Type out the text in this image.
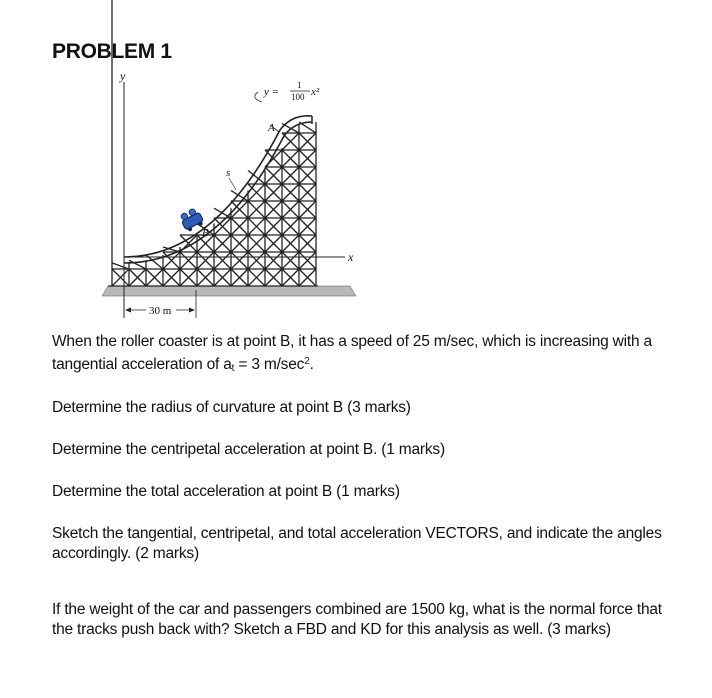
PROBLEM 1
y
x
B
A
s
y =
1
100 x²
30 m
When the roller coaster is at point B, it has a speed of 25 m/sec, which is increasing with a tangential acceleration of $a_t = 3$ $m/\sec^2$.
Determine the radius of curvature at point B (3 marks)
Determine the centripetal acceleration at point B. (1 marks)
Determine the total acceleration at point B (1 marks)
Sketch the tangential, centripetal, and total acceleration VECTORS, and indicate the angles accordingly. (2 marks)
If the weight of the car and passengers combined are 1500 kg, what is the normal force that the tracks push back with? Sketch a FBD and KD for this analysis as well. (3 marks)
